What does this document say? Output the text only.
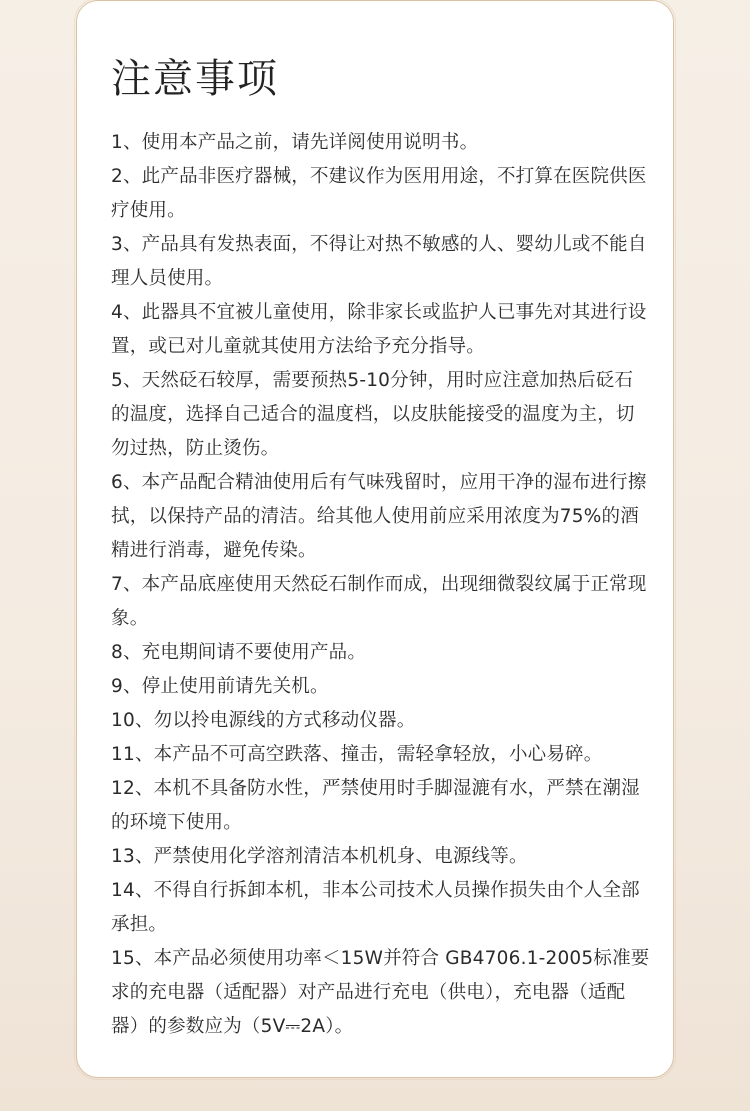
注意事项
1、使用本产品之前，请先详阅使用说明书。
2、此产品非医疗器械，不建议作为医用用途，不打算在医院供医疗使用。
3、产品具有发热表面，不得让对热不敏感的人、婴幼儿或不能自理人员使用。
4、此器具不宜被儿童使用，除非家长或监护人已事先对其进行设置，或已对儿童就其使用方法给予充分指导。
5、天然砭石较厚，需要预热5-10分钟，用时应注意加热后砭石的温度，选择自己适合的温度档，以皮肤能接受的温度为主，切勿过热，防止烫伤。
6、本产品配合精油使用后有气味残留时，应用干净的湿布进行擦拭，以保持产品的清洁。给其他人使用前应采用浓度为75%的酒精进行消毒，避免传染。
7、本产品底座使用天然砭石制作而成，出现细微裂纹属于正常现象。
8、充电期间请不要使用产品。
9、停止使用前请先关机。
10、勿以拎电源线的方式移动仪器。
11、本产品不可高空跌落、撞击，需轻拿轻放，小心易碎。
12、本机不具备防水性，严禁使用时手脚湿漉有水，严禁在潮湿的环境下使用。
13、严禁使用化学溶剂清洁本机机身、电源线等。
14、不得自行拆卸本机，非本公司技术人员操作损失由个人全部承担。
15、本产品必须使用功率＜15W并符合 GB4706.1-2005标准要求的充电器（适配器）对产品进行充电（供电），充电器（适配器）的参数应为（5V⎓2A）。
